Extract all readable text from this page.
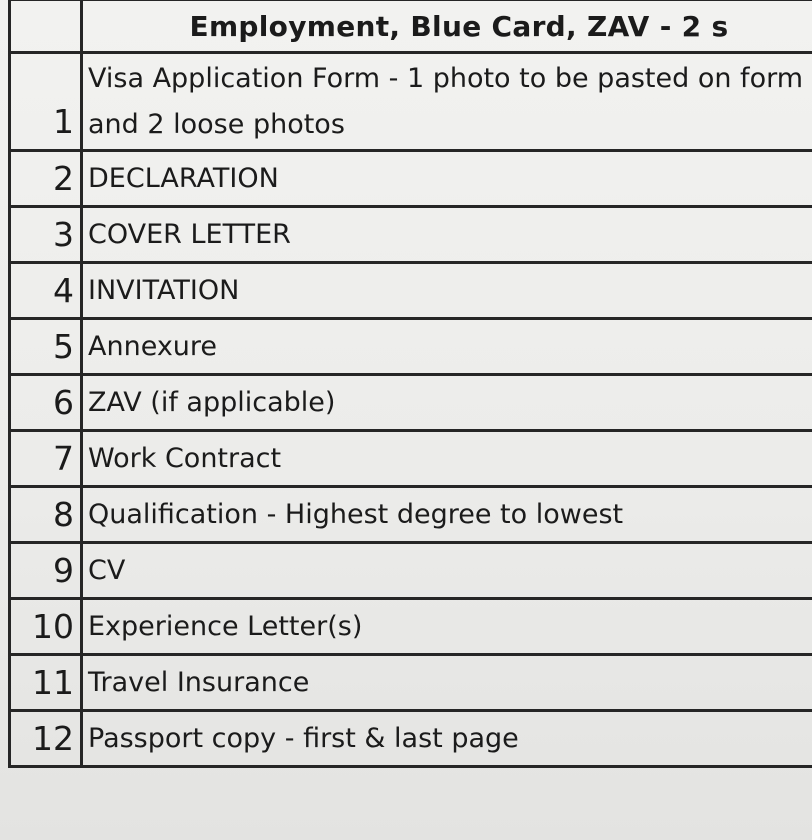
	Employment, Blue Card, ZAV - 2 s
1	Visa Application Form - 1 photo to be pasted on form and 2 loose photos
2	DECLARATION
3	COVER LETTER
4	INVITATION
5	Annexure
6	ZAV (if applicable)
7	Work Contract
8	Qualification - Highest degree to lowest
9	CV
10	Experience Letter(s)
11	Travel Insurance
12	Passport copy - first & last page
